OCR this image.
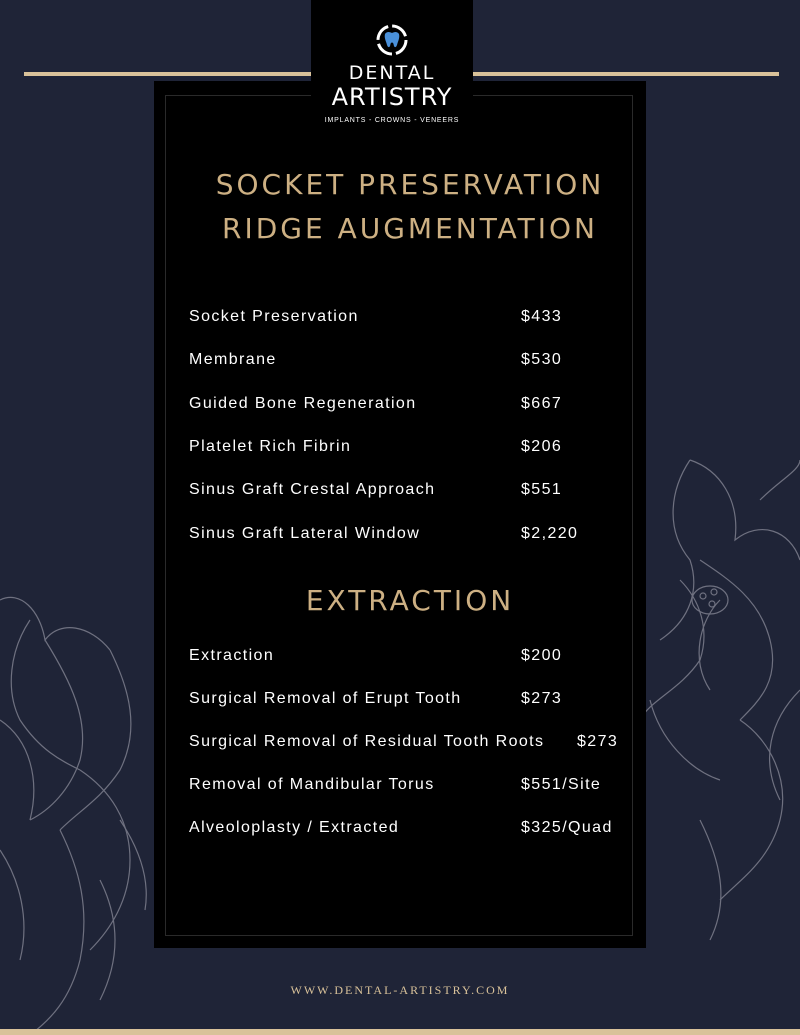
DENTAL
ARTISTRY
IMPLANTS - CROWNS - VENEERS
SOCKET PRESERVATION
RIDGE AUGMENTATION
Socket Preservation	$433
Membrane	$530
Guided Bone Regeneration	$667
Platelet Rich Fibrin	$206
Sinus Graft Crestal Approach	$551
Sinus Graft Lateral Window	$2,220
EXTRACTION
Extraction	$200
Surgical Removal of Erupt Tooth	$273
Surgical Removal of Residual Tooth Roots $273
Removal of Mandibular Torus	$551/Site
Alveoloplasty / Extracted	$325/Quad
WWW.DENTAL-ARTISTRY.COM
